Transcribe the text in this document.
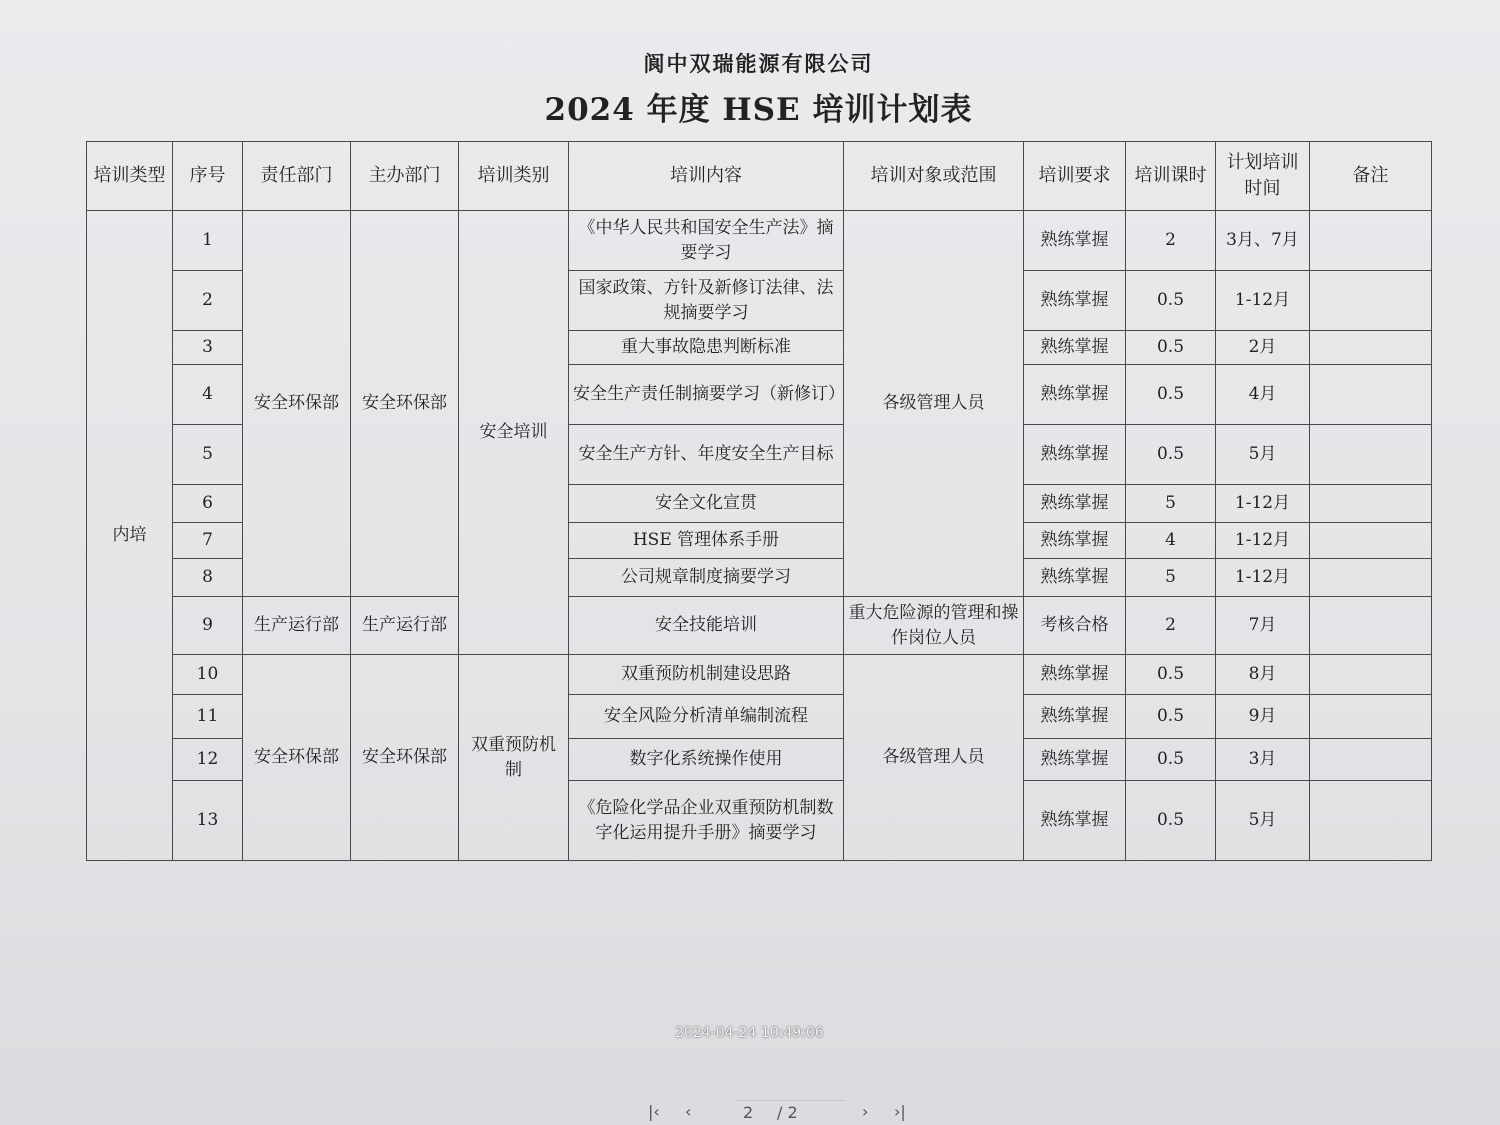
阆中双瑞能源有限公司
2024 年度 HSE 培训计划表
培训类型	序号	责任部门	主办部门	培训类别	培训内容	培训对象或范围	培训要求	培训课时	计划培训时间	备注
内培	1	安全环保部	安全环保部	安全培训	《中华人民共和国安全生产法》摘要学习	各级管理人员	熟练掌握	2	3月、7月	
	2				国家政策、方针及新修订法律、法规摘要学习		熟练掌握	0.5	1-12月	
	3				重大事故隐患判断标准		熟练掌握	0.5	2月	
	4				安全生产责任制摘要学习（新修订）		熟练掌握	0.5	4月	
	5				安全生产方针、年度安全生产目标		熟练掌握	0.5	5月	
	6				安全文化宣贯		熟练掌握	5	1-12月	
	7				HSE 管理体系手册		熟练掌握	4	1-12月	
	8				公司规章制度摘要学习		熟练掌握	5	1-12月	
	9	生产运行部	生产运行部		安全技能培训	重大危险源的管理和操作岗位人员	考核合格	2	7月	
	10	安全环保部	安全环保部	双重预防机制	双重预防机制建设思路	各级管理人员	熟练掌握	0.5	8月	
	11				安全风险分析清单编制流程		熟练掌握	0.5	9月	
	12				数字化系统操作使用		熟练掌握	0.5	3月	
	13				《危险化学品企业双重预防机制数字化运用提升手册》摘要学习		熟练掌握	0.5	5月	
2024-04-24 10:49:06
|‹ ‹	2 / 2	› ›|
